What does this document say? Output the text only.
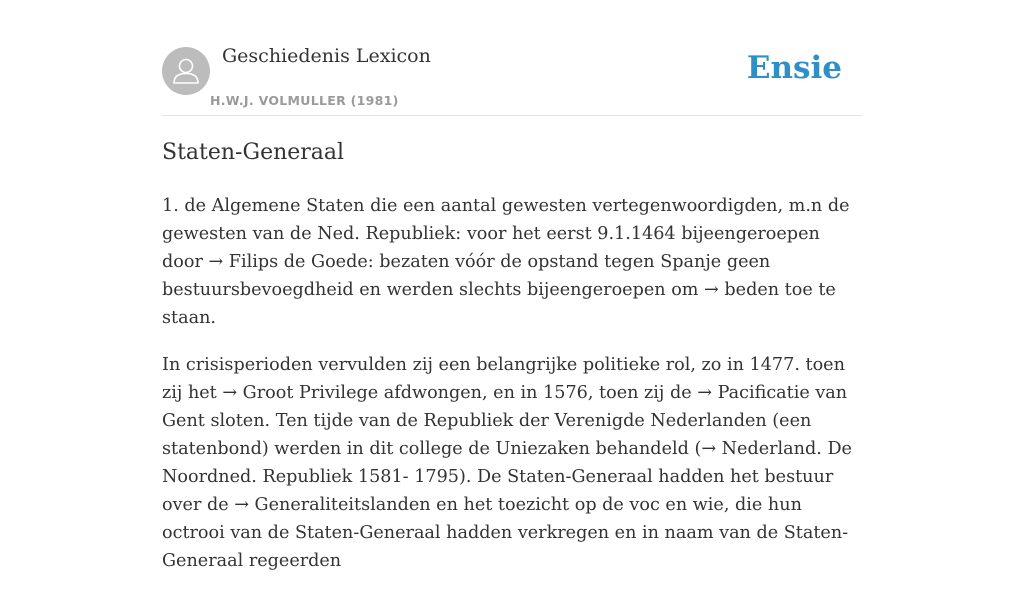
Geschiedenis Lexicon
H.W.J. VOLMULLER (1981)
Ensie
Staten-Generaal

1. de Algemene Staten die een aantal gewesten vertegenwoordigden, m.n de gewesten van de Ned. Republiek: voor het eerst 9.1.1464 bijeengeroepen door → Filips de Goede: bezaten vóór de opstand tegen Spanje geen bestuursbevoegdheid en werden slechts bijeengeroepen om → beden toe te staan.

In crisisperioden vervulden zij een belangrijke politieke rol, zo in 1477. toen zij het → Groot Privilege afdwongen, en in 1576, toen zij de → Pacificatie van Gent sloten. Ten tijde van de Republiek der Verenigde Nederlanden (een statenbond) werden in dit college de Uniezaken behandeld (→ Nederland. De Noordned. Republiek 1581- 1795). De Staten-Generaal hadden het bestuur over de → Generaliteitslanden en het toezicht op de voc en wie, die hun octrooi van de Staten-Generaal hadden verkregen en in naam van de Staten-Generaal regeerden
